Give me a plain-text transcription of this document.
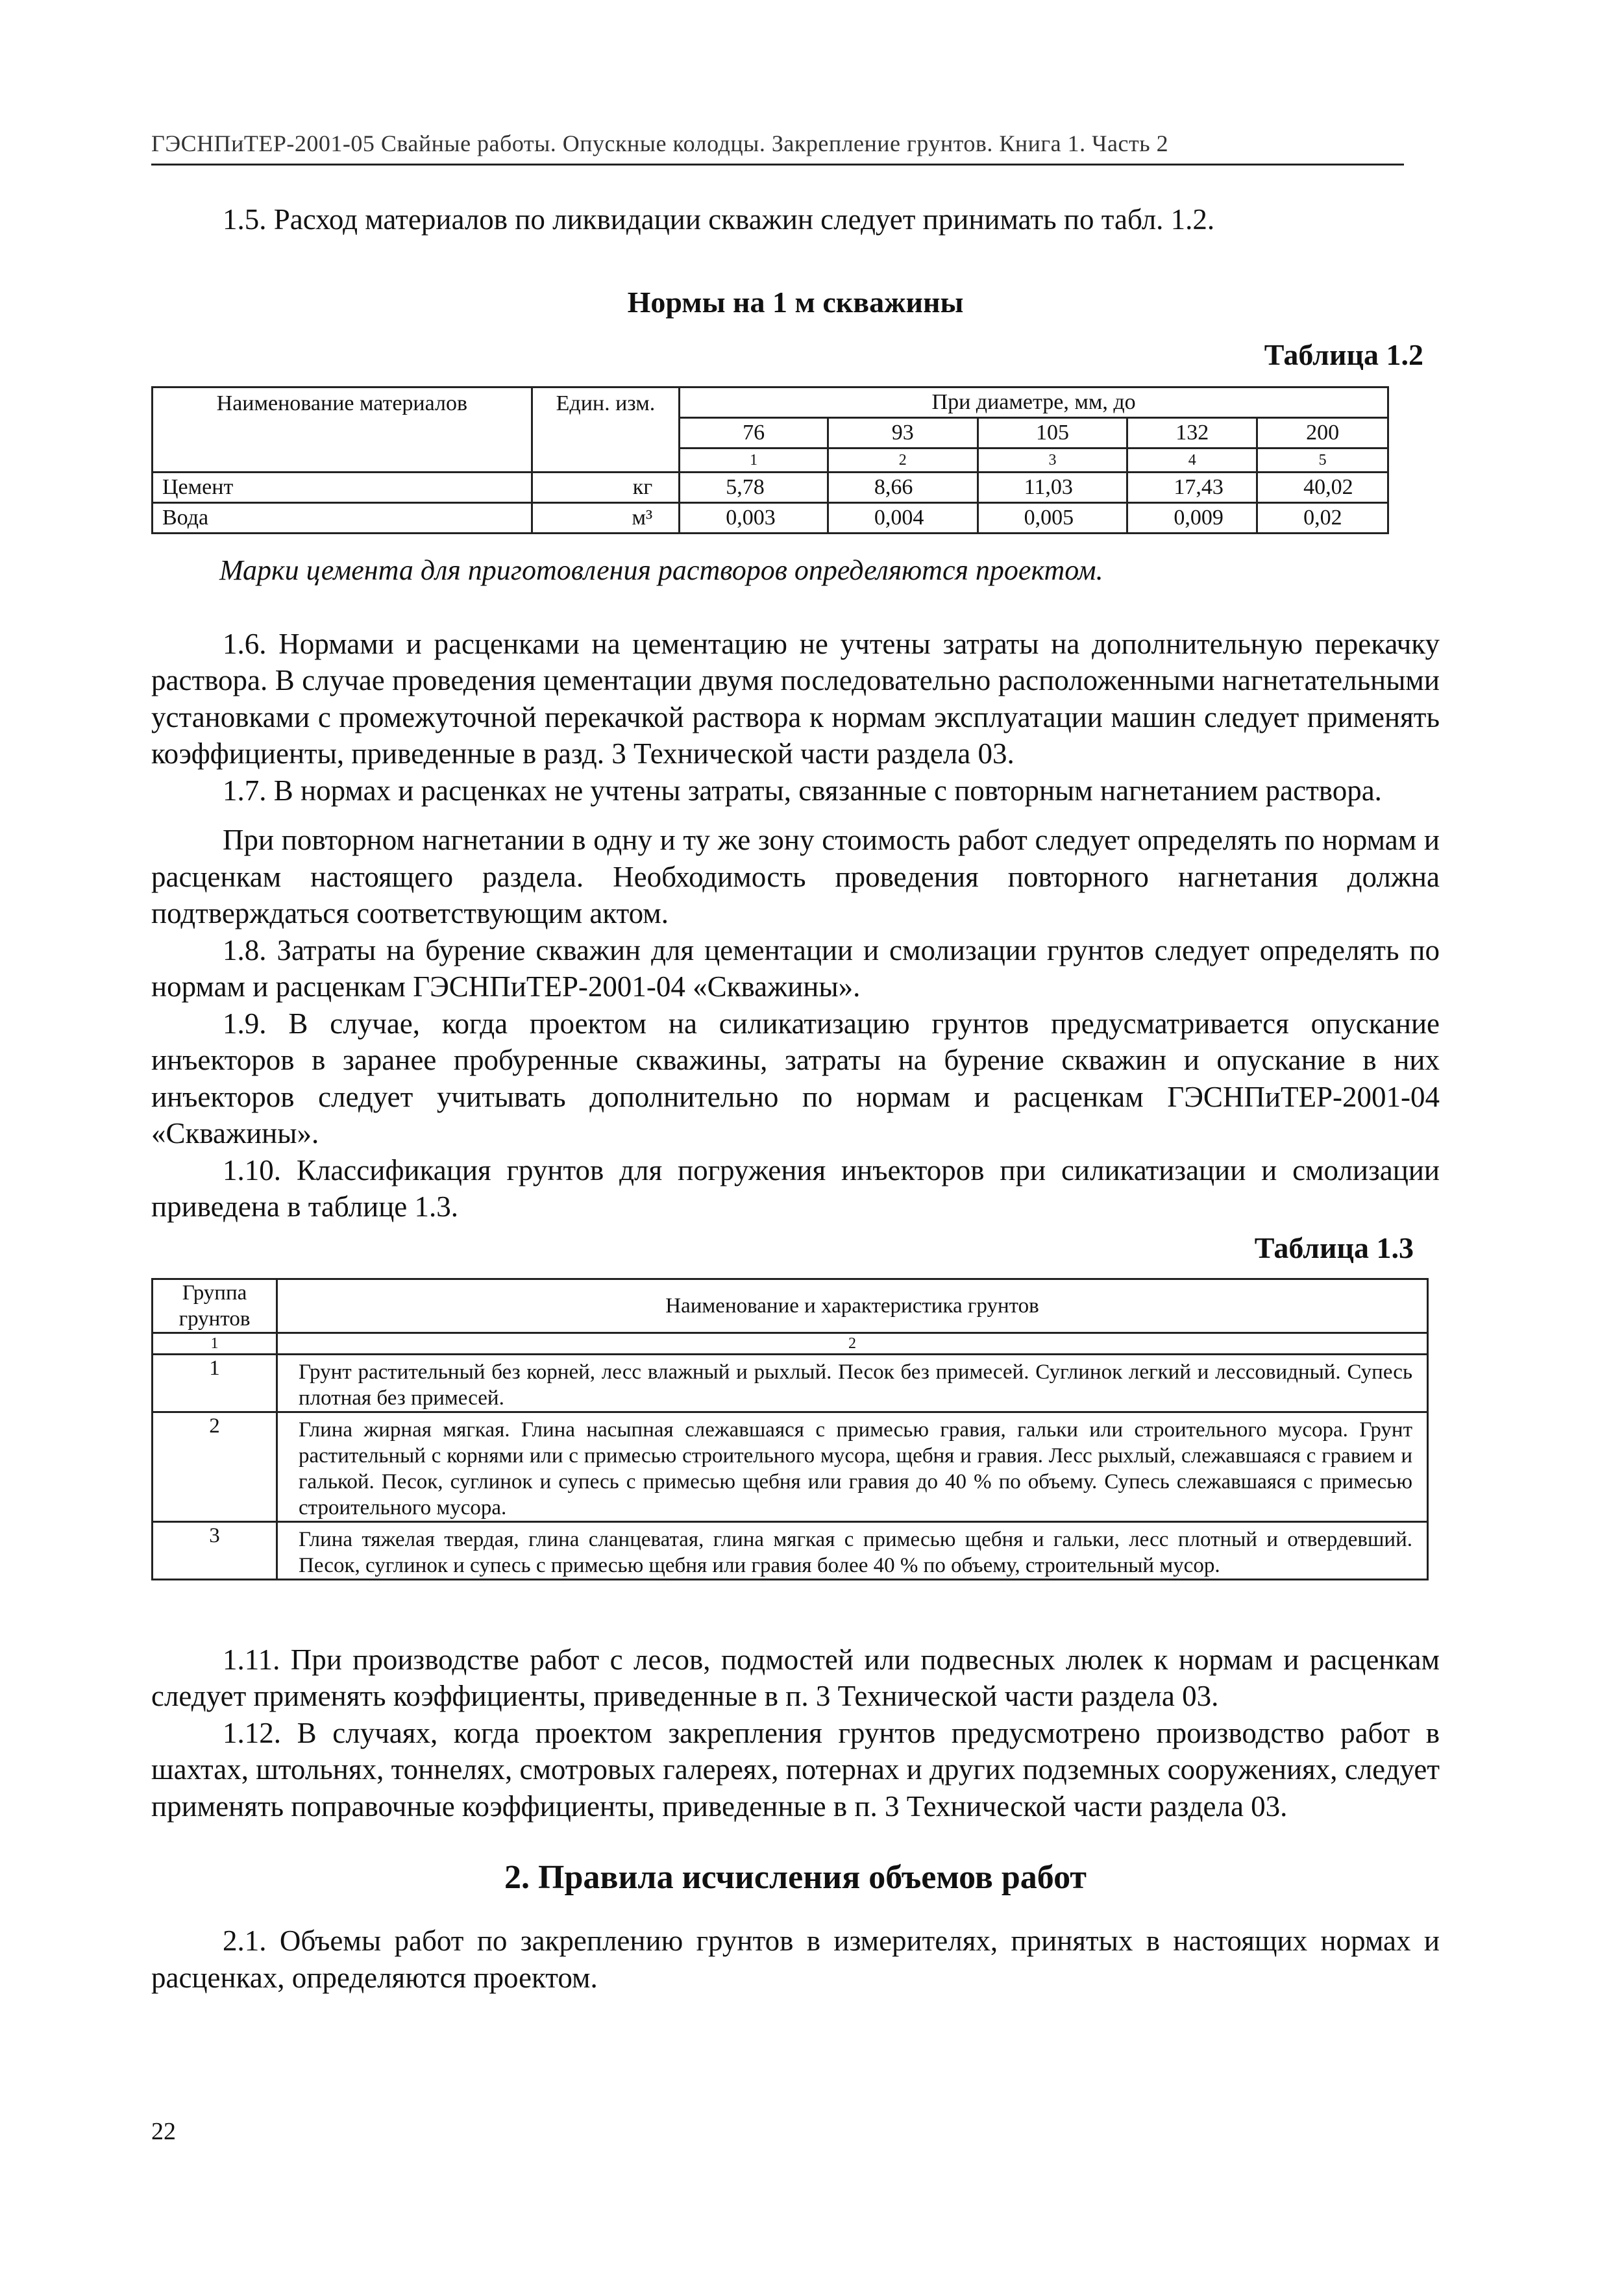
ГЭСНПиТЕР-2001-05 Свайные работы. Опускные колодцы. Закрепление грунтов. Книга 1. Часть 2

1.5. Расход материалов по ликвидации скважин следует принимать по табл. 1.2.

Нормы на 1 м скважины

Таблица 1.2

Наименование материалов	Един. изм.	При диаметре, мм, до				
		76	93	105	132	200
		1	2	3	4	5
Цемент	кг	5,78	8,66	11,03	17,43	40,02
Вода	м³	0,003	0,004	0,005	0,009	0,02

Марки цемента для приготовления растворов определяются проектом.

1.6. Нормами и расценками на цементацию не учтены затраты на дополнительную перекачку раствора. В случае проведения цементации двумя последовательно расположенными нагнетательными установками с промежуточной перекачкой раствора к нормам эксплуатации машин следует применять коэффициенты, приведенные в разд. 3 Технической части раздела 03.

1.7. В нормах и расценках не учтены затраты, связанные с повторным нагнетанием раствора.

При повторном нагнетании в одну и ту же зону стоимость работ следует определять по нормам и расценкам настоящего раздела. Необходимость проведения повторного нагнетания должна подтверждаться соответствующим актом.

1.8. Затраты на бурение скважин для цементации и смолизации грунтов следует определять по нормам и расценкам ГЭСНПиТЕР-2001-04 «Скважины».

1.9. В случае, когда проектом на силикатизацию грунтов предусматривается опускание инъекторов в заранее пробуренные скважины, затраты на бурение скважин и опускание в них инъекторов следует учитывать дополнительно по нормам и расценкам ГЭСНПиТЕР-2001-04 «Скважины».

1.10. Классификация грунтов для погружения инъекторов при силикатизации и смолизации приведена в таблице 1.3.

Таблица 1.3

Группа грунтов	Наименование и характеристика грунтов
1	2
1	Грунт растительный без корней, лесс влажный и рыхлый. Песок без примесей. Суглинок легкий и лессовидный. Супесь плотная без примесей.
2	Глина жирная мягкая. Глина насыпная слежавшаяся с примесью гравия, гальки или строительного мусора. Грунт растительный с корнями или с примесью строительного мусора, щебня и гравия. Лесс рыхлый, слежавшаяся с гравием и галькой. Песок, суглинок и супесь с примесью щебня или гравия до 40 % по объему. Супесь слежавшаяся с примесью строительного мусора.
3	Глина тяжелая твердая, глина сланцеватая, глина мягкая с примесью щебня и гальки, лесс плотный и отвердевший. Песок, суглинок и супесь с примесью щебня или гравия более 40 % по объему, строительный мусор.

1.11. При производстве работ с лесов, подмостей или подвесных люлек к нормам и расценкам следует применять коэффициенты, приведенные в п. 3 Технической части раздела 03.

1.12. В случаях, когда проектом закрепления грунтов предусмотрено производство работ в шахтах, штольнях, тоннелях, смотровых галереях, потернах и других подземных сооружениях, следует применять поправочные коэффициенты, приведенные в п. 3 Технической части раздела 03.

2. Правила исчисления объемов работ

2.1. Объемы работ по закреплению грунтов в измерителях, принятых в настоящих нормах и расценках, определяются проектом.

22
